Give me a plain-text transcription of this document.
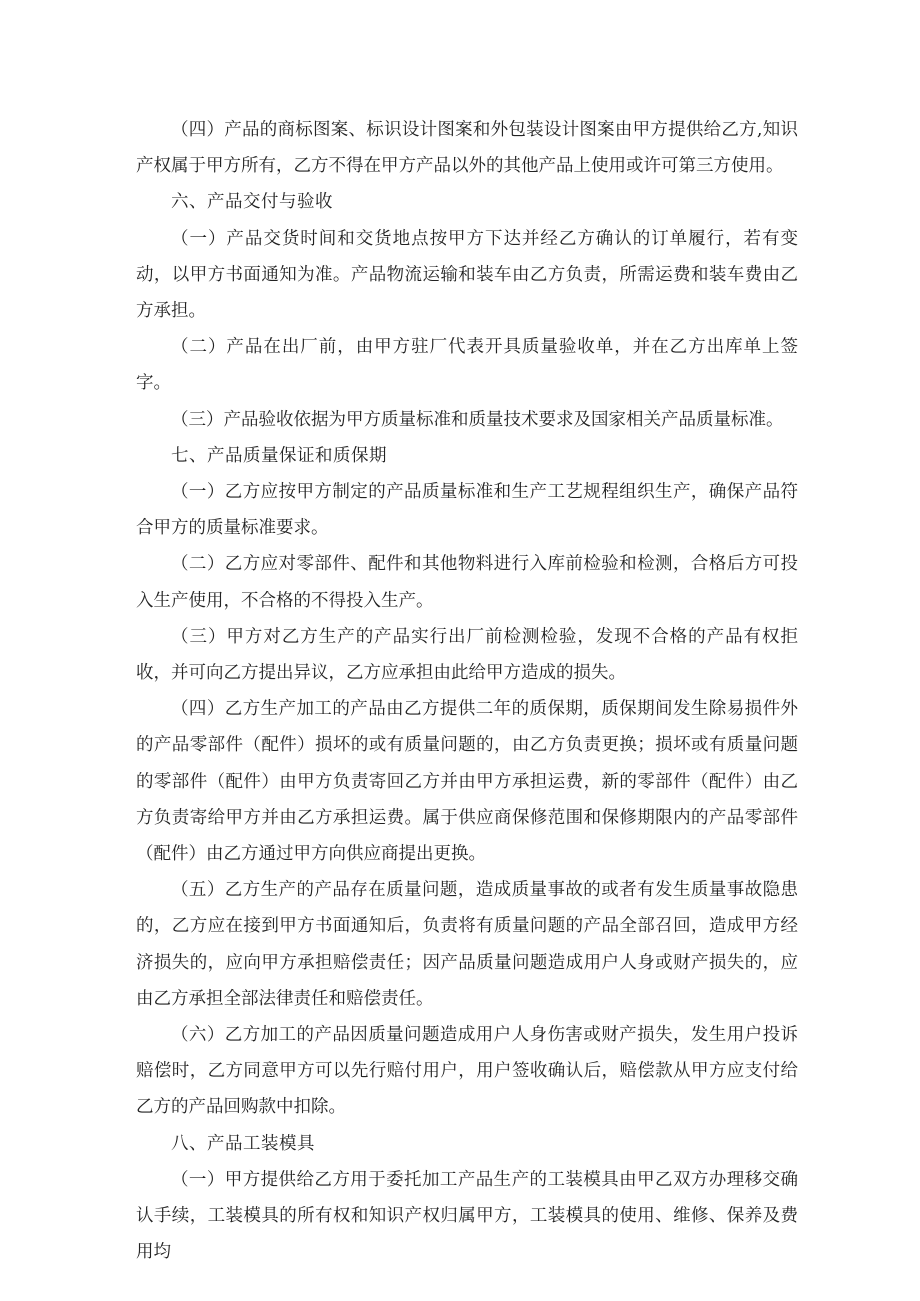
（四）产品的商标图案、标识设计图案和外包装设计图案由甲方提供给乙方,知识产权属于甲方所有，乙方不得在甲方产品以外的其他产品上使用或许可第三方使用。

六、产品交付与验收

（一）产品交货时间和交货地点按甲方下达并经乙方确认的订单履行，若有变动，以甲方书面通知为准。产品物流运输和装车由乙方负责，所需运费和装车费由乙方承担。

（二）产品在出厂前，由甲方驻厂代表开具质量验收单，并在乙方出库单上签字。

（三）产品验收依据为甲方质量标准和质量技术要求及国家相关产品质量标准。

七、产品质量保证和质保期

（一）乙方应按甲方制定的产品质量标准和生产工艺规程组织生产，确保产品符合甲方的质量标准要求。

（二）乙方应对零部件、配件和其他物料进行入库前检验和检测，合格后方可投入生产使用，不合格的不得投入生产。

（三）甲方对乙方生产的产品实行出厂前检测检验，发现不合格的产品有权拒收，并可向乙方提出异议，乙方应承担由此给甲方造成的损失。

（四）乙方生产加工的产品由乙方提供二年的质保期，质保期间发生除易损件外的产品零部件（配件）损坏的或有质量问题的，由乙方负责更换；损坏或有质量问题的零部件（配件）由甲方负责寄回乙方并由甲方承担运费，新的零部件（配件）由乙方负责寄给甲方并由乙方承担运费。属于供应商保修范围和保修期限内的产品零部件（配件）由乙方通过甲方向供应商提出更换。

（五）乙方生产的产品存在质量问题，造成质量事故的或者有发生质量事故隐患的，乙方应在接到甲方书面通知后，负责将有质量问题的产品全部召回，造成甲方经济损失的，应向甲方承担赔偿责任；因产品质量问题造成用户人身或财产损失的，应由乙方承担全部法律责任和赔偿责任。

（六）乙方加工的产品因质量问题造成用户人身伤害或财产损失，发生用户投诉赔偿时，乙方同意甲方可以先行赔付用户，用户签收确认后，赔偿款从甲方应支付给乙方的产品回购款中扣除。

八、产品工装模具

（一）甲方提供给乙方用于委托加工产品生产的工装模具由甲乙双方办理移交确认手续，工装模具的所有权和知识产权归属甲方，工装模具的使用、维修、保养及费用均
